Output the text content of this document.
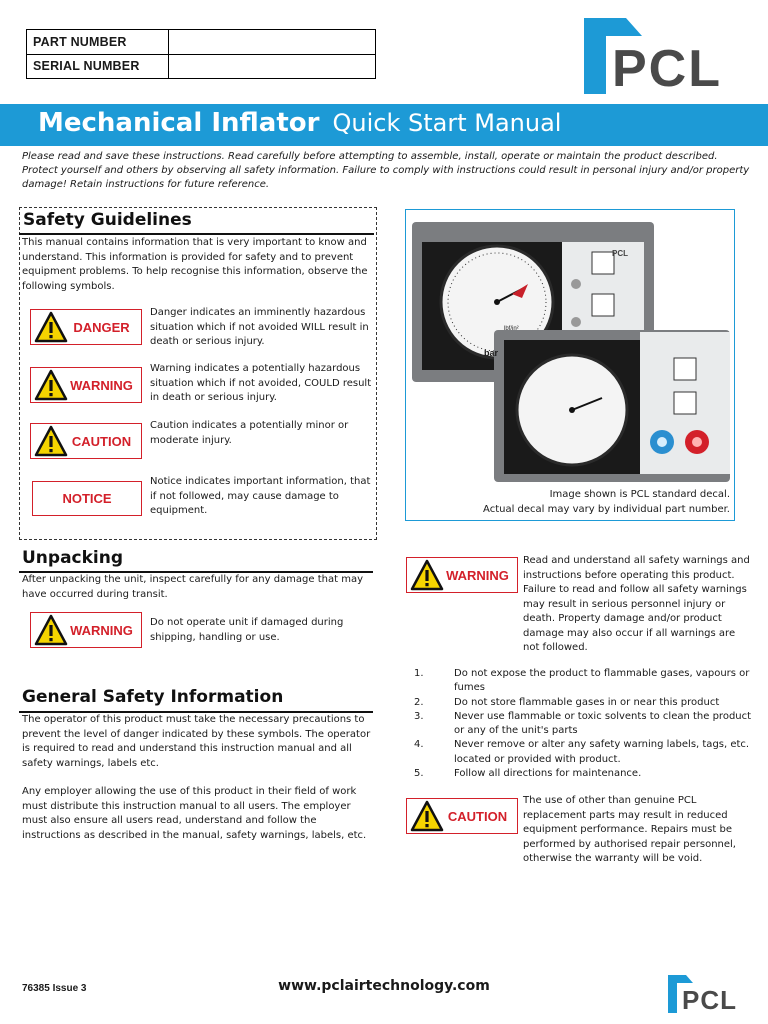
PART NUMBER	
SERIAL NUMBER		PCL
Mechanical Inflator Quick Start Manual
Please read and save these instructions. Read carefully before attempting to assemble, install, operate or maintain the product described. Protect yourself and others by observing all safety information. Failure to comply with instructions could result in personal injury and/or property damage! Retain instructions for future reference.
Safety Guidelines
This manual contains information that is very important to know and understand. This information is provided for safety and to prevent equipment problems. To help recognise this information, observe the following symbols.
DANGER
Danger indicates an imminently hazardous situation which if not avoided WILL result in death or serious injury.
WARNING
Warning indicates a potentially hazardous situation which if not avoided, COULD result in death or serious injury.
CAUTION
Caution indicates a potentially minor or moderate injury.
NOTICE
Notice indicates important information, that if not followed, may cause damage to equipment.
Unpacking
After unpacking the unit, inspect carefully for any damage that may have occurred during transit.
WARNING	Do not operate unit if damaged during shipping, handling or use.
General Safety Information
The operator of this product must take the necessary precautions to prevent the level of danger indicated by these symbols. The operator is required to read and understand this instruction manual and all safety warnings, labels etc.
Any employer allowing the use of this product in their field of work must distribute this instruction manual to all users. The employer must also ensure all users read, understand and follow the instructions as described in the manual, safety warnings, labels, etc.
bar
lbf/in²
PCL
Image shown is PCL standard decal.
Actual decal may vary by individual part number.
WARNING
Read and understand all safety warnings and instructions before operating this product. Failure to read and follow all safety warnings may result in serious personnel injury or death. Property damage and/or product damage may also occur if all warnings are not followed.
1.	Do not expose the product to flammable gases, vapours or fumes
2.	Do not store flammable gases in or near this product
3.	Never use flammable or toxic solvents to clean the product or any of the unit's parts
4.	Never remove or alter any safety warning labels, tags, etc. located or provided with product.
5.	Follow all directions for maintenance.
CAUTION
The use of other than genuine PCL replacement parts may result in reduced equipment performance. Repairs must be performed by authorised repair personnel, otherwise the warranty will be void.
76385 Issue 3	www.pclairtechnology.com	PCL
